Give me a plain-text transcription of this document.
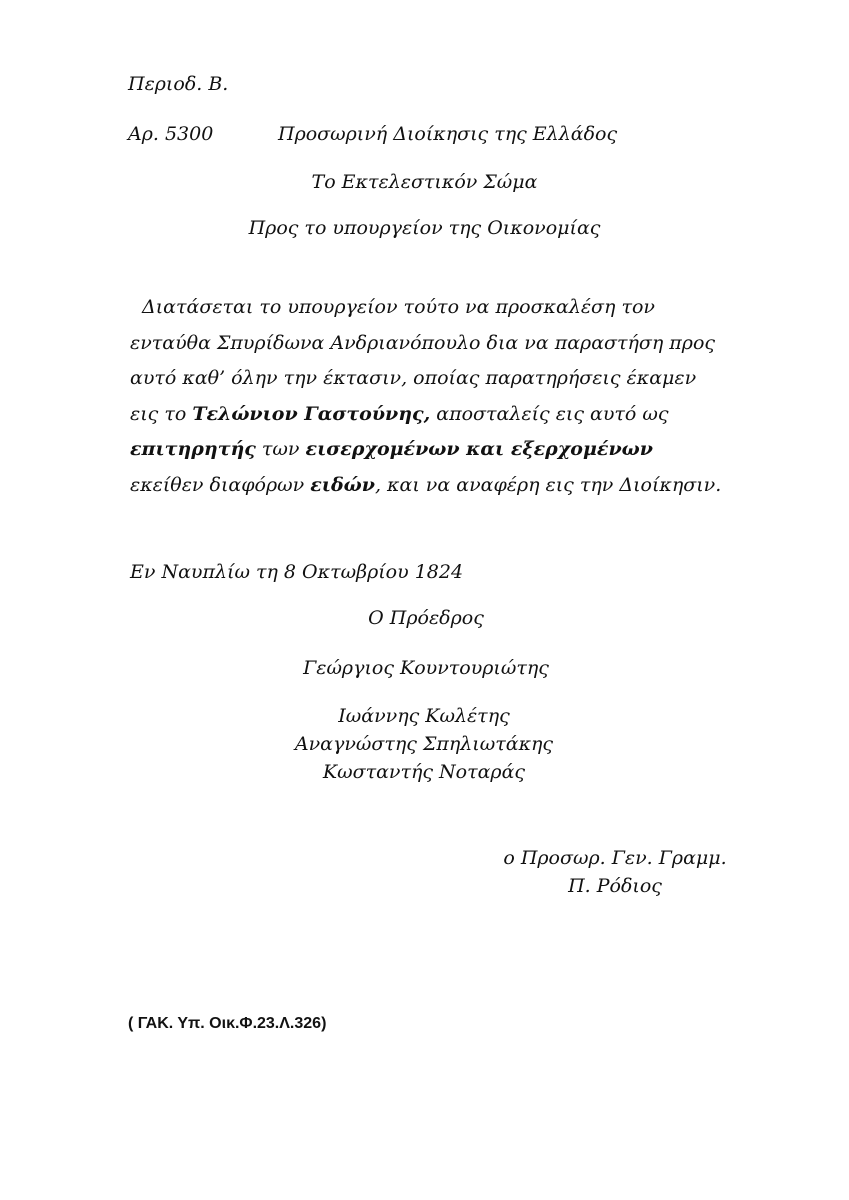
Περιοδ. Β.
Αρ. 5300	Προσωρινή Διοίκησις της Ελλάδος
Το Εκτελεστικόν Σώμα
Προς το υπουργείον της Οικονομίας
Διατάσεται το υπουργείον τούτο να προσκαλέση τον ενταύθα Σπυρίδωνα Ανδριανόπουλο δια να παραστήση προς αυτό καθ’ όλην την έκτασιν, οποίας παρατηρήσεις έκαμεν εις το Τελώνιον Γαστούνης, αποσταλείς εις αυτό ως επιτηρητής των εισερχομένων και εξερχομένων εκείθεν διαφόρων ειδών, και να αναφέρη εις την Διοίκησιν.
Εν Ναυπλίω τη 8 Οκτωβρίου 1824
Ο Πρόεδρος
Γεώργιος Κουντουριώτης
Ιωάννης Κωλέτης
Αναγνώστης Σπηλιωτάκης
Κωσταντής Νοταράς
ο Προσωρ. Γεν. Γραμμ.
Π. Ρόδιος
( ΓΑΚ. Υπ. Οικ.Φ.23.Λ.326)
